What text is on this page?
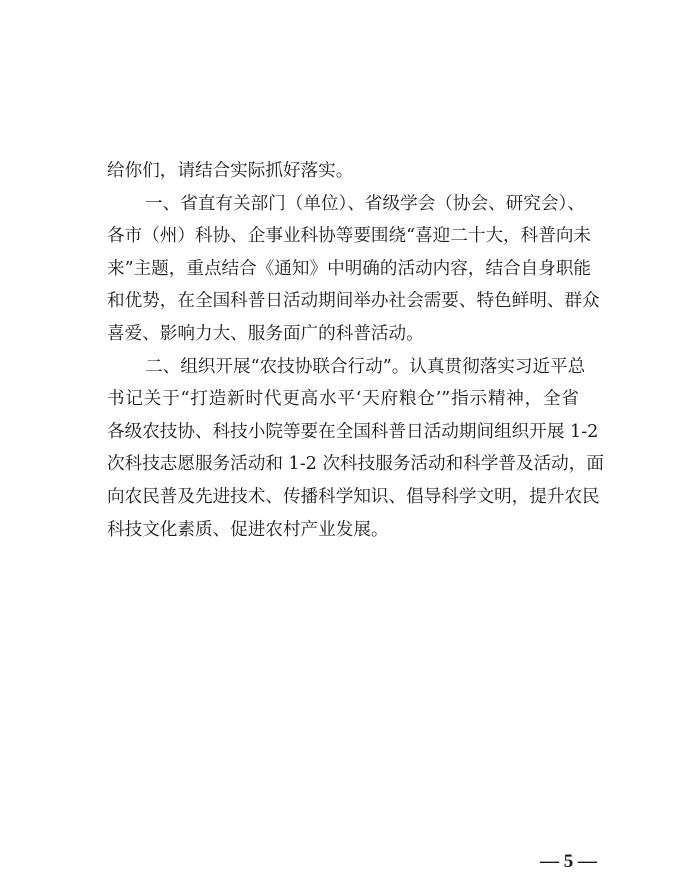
给你们，请结合实际抓好落实。
一、省直有关部门（单位）、省级学会（协会、研究会）、
各市（州）科协、企事业科协等要围绕“喜迎二十大，科普向未
来”主题，重点结合《通知》中明确的活动内容，结合自身职能
和优势，在全国科普日活动期间举办社会需要、特色鲜明、群众
喜爱、影响力大、服务面广的科普活动。
二、组织开展“农技协联合行动”。认真贯彻落实习近平总
书记关于“打造新时代更高水平‘天府粮仓’”指示精神，全省
各级农技协、科技小院等要在全国科普日活动期间组织开展 1-2
次科技志愿服务活动和 1-2 次科技服务活动和科学普及活动，面
向农民普及先进技术、传播科学知识、倡导科学文明，提升农民
科技文化素质、促进农村产业发展。
— 5 —
